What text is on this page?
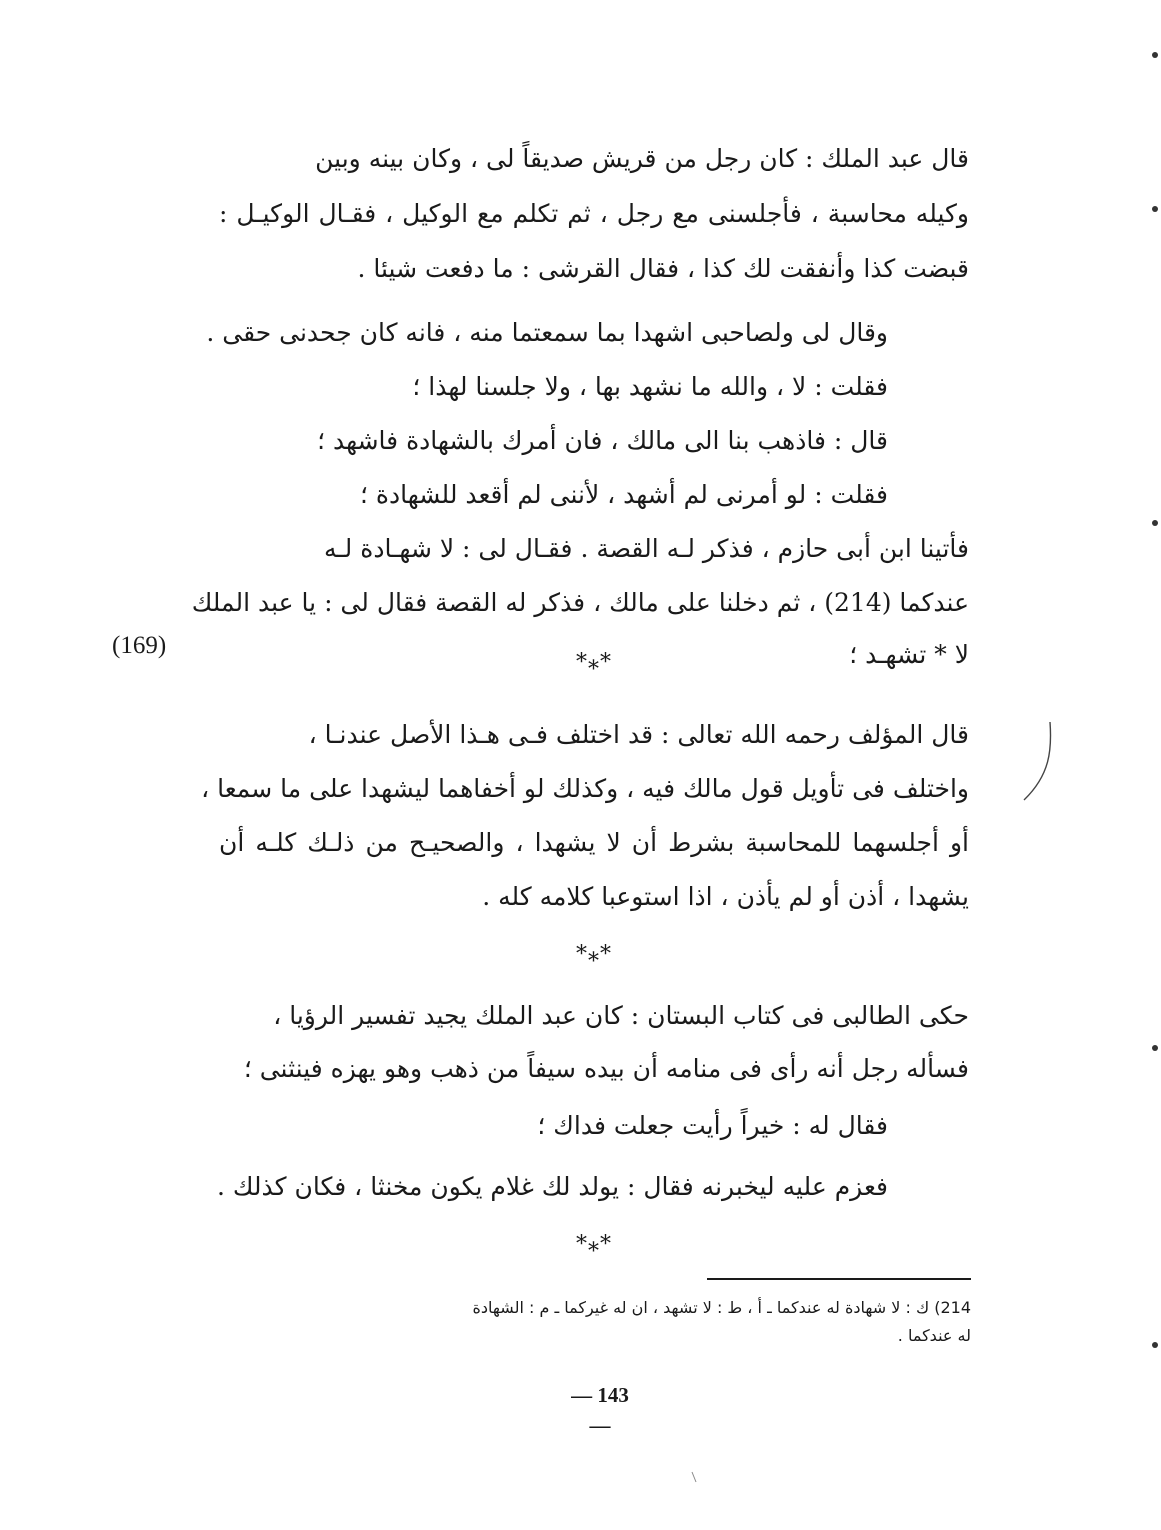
قال عبد الملك : كان رجل من قريش صديقاً لى ، وكان بينه وبين
وكيله محاسبة ، فأجلسنى مع رجل ، ثم تكلم مع الوكيل ، فقـال الوكيـل :
قبضت كذا وأنفقت لك كذا ، فقال القرشى : ما دفعت شيئا .
وقال لى ولصاحبى اشهدا بما سمعتما منه ، فانه كان جحدنى حقى .
فقلت : لا ، والله ما نشهد بها ، ولا جلسنا لهذا ؛
قال : فاذهب بنا الى مالك ، فان أمرك بالشهادة فاشهد ؛
فقلت : لو أمرنى لم أشهد ، لأننى لم أقعد للشهادة ؛
فأتينا ابن أبى حازم ، فذكر لـه القصة . فقـال لى : لا شهـادة لـه
عندكما (214) ، ثم دخلنا على مالك ، فذكر له القصة فقال لى : يا عبد الملك
لا * تشهـد ؛
(169)
*⁎*
قال المؤلف رحمه الله تعالى : قد اختلف فـى هـذا الأصل عندنـا ،
واختلف فى تأويل قول مالك فيه ، وكذلك لو أخفاهما ليشهدا على ما سمعا ،
أو أجلسهما للمحاسبة بشرط أن لا يشهدا ، والصحيـح من ذلـك كلـه أن
يشهدا ، أذن أو لم يأذن ، اذا استوعبا كلامه كله .
*⁎*
حكى الطالبى فى كتاب البستان : كان عبد الملك يجيد تفسير الرؤيا ،
فسأله رجل أنه رأى فى منامه أن بيده سيفاً من ذهب وهو يهزه فينثنى ؛
فقال له : خيراً رأيت جعلت فداك ؛
فعزم عليه ليخبرنه فقال : يولد لك غلام يكون مخنثا ، فكان كذلك .
*⁎*
214) ك : لا شهادة له عندكما ـ أ ، ط : لا تشهد ، ان له غيركما ـ م : الشهادة
له عندكما .
— 143 —
